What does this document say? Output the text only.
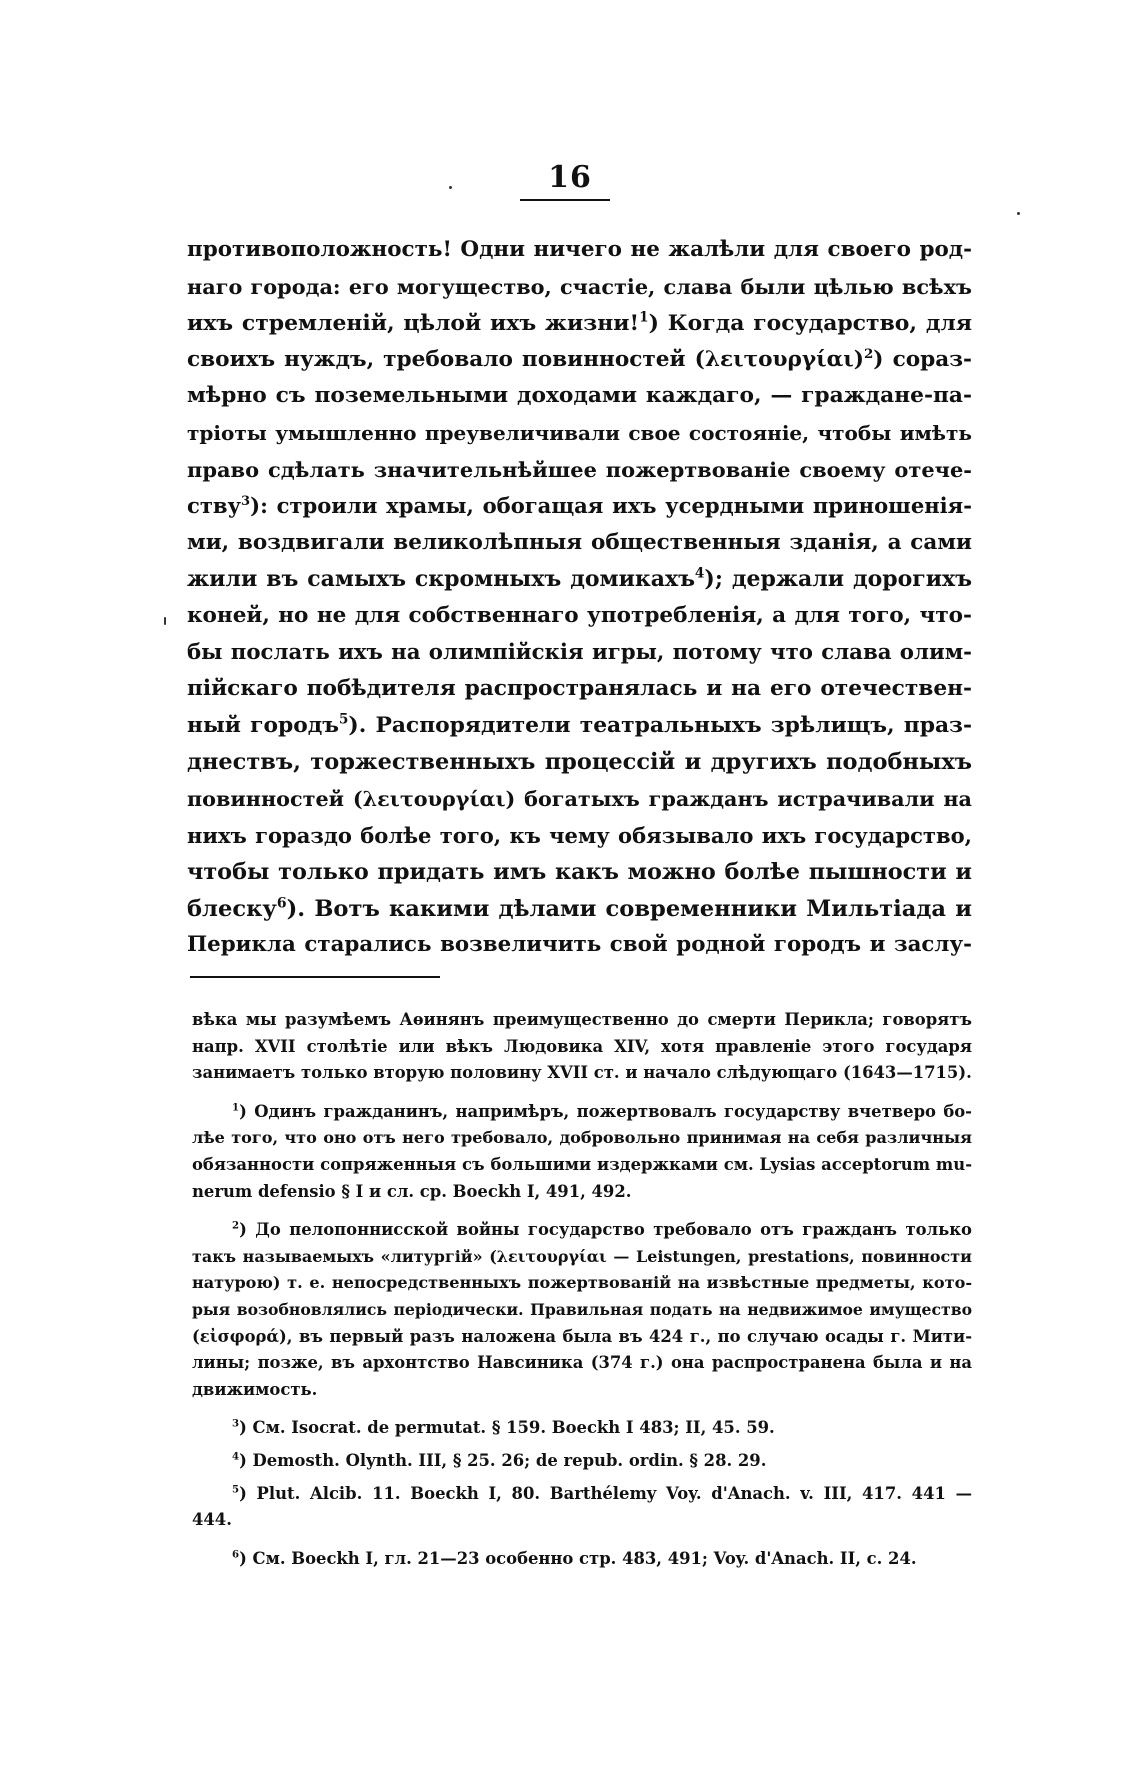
16
противоположность! Одни ничего не жалѣли для своего род-
наго города: его могущество, счастіе, слава были цѣлью всѣхъ
ихъ стремленій, цѣлой ихъ жизни!$^1$) Когда государство, для
своихъ нуждъ, требовало повинностей $(\lambda\varepsilon\iota\tau o\upsilon\rho\gamma ί\alpha\iota)^2$) сораз-
мѣрно съ поземельными доходами каждаго, — граждане-па-
тріоты умышленно преувеличивали свое состояніе, чтобы имѣть
право сдѣлать значительнѣйшее пожертвованіе своему отече-
ству$^3$): строили храмы, обогащая ихъ усердными приношенія-
ми, воздвигали великолѣпныя общественныя зданія, а сами
жили въ самыхъ скромныхъ домикахъ$^4$); держали дорогихъ
коней, но не для собственнаго употребленія, а для того, что-
бы послать ихъ на олимпійскія игры, потому что слава олим-
пійскаго побѣдителя распространялась и на его отечествен-
ный городъ$^5$). Распорядители театральныхъ зрѣлищъ, праз-
днествъ, торжественныхъ процессій и другихъ подобныхъ
повинностей (λειτουργίαι) богатыхъ гражданъ истрачивали на
нихъ гораздо болѣе того, къ чему обязывало ихъ государство,
чтобы только придать имъ какъ можно болѣе пышности и
блеску$^6$). Вотъ какими дѣлами современники Мильтіада и
Перикла старались возвеличить свой родной городъ и заслу-
вѣка мы разумѣемъ Аѳинянъ преимущественно до смерти Перикла; говорятъ
напр. XVII столѣтіе или вѣкъ Людовика XIV, хотя правленіе этого государя
занимаетъ только вторую половину XVII ст. и начало слѣдующаго (1643—1715).
$^1$) Одинъ гражданинъ, напримѣръ, пожертвовалъ государству вчетверо бо-
лѣе того, что оно отъ него требовало, добровольно принимая на себя различныя
обязанности сопряженныя съ большими издержками см. Lysias acceptorum mu-
nerum defensio § I и сл. ср. Boeckh I, 491, 492.
$^2$) До пелопоннисской войны государство требовало отъ гражданъ только
такъ называемыхъ «литургій» (λειτουργίαι — Leistungen, prestations, повинности
натурою) т. е. непосредственныхъ пожертвованій на извѣстные предметы, кото-
рыя возобновлялись періодически. Правильная подать на недвижимое имущество
(εἰσφορά), въ первый разъ наложена была въ 424 г., по случаю осады г. Мити-
лины; позже, въ архонтство Навсиника (374 г.) она распространена была и на
движимость.
$^3$) См. Isocrat. de permutat. § 159. Boeckh I 483; II, 45. 59.
$^4$) Demosth. Olynth. III, § 25. 26; de repub. ordin. § 28. 29.
$^5$) Plut. Alcib. 11. Boeckh I, 80. Barthélemy Voy. d'Anach. v. III, 417. 441 —
444.
$^6$) См. Boeckh I, гл. 21—23 особенно стр. 483, 491; Voy. d'Anach. II, с. 24.
